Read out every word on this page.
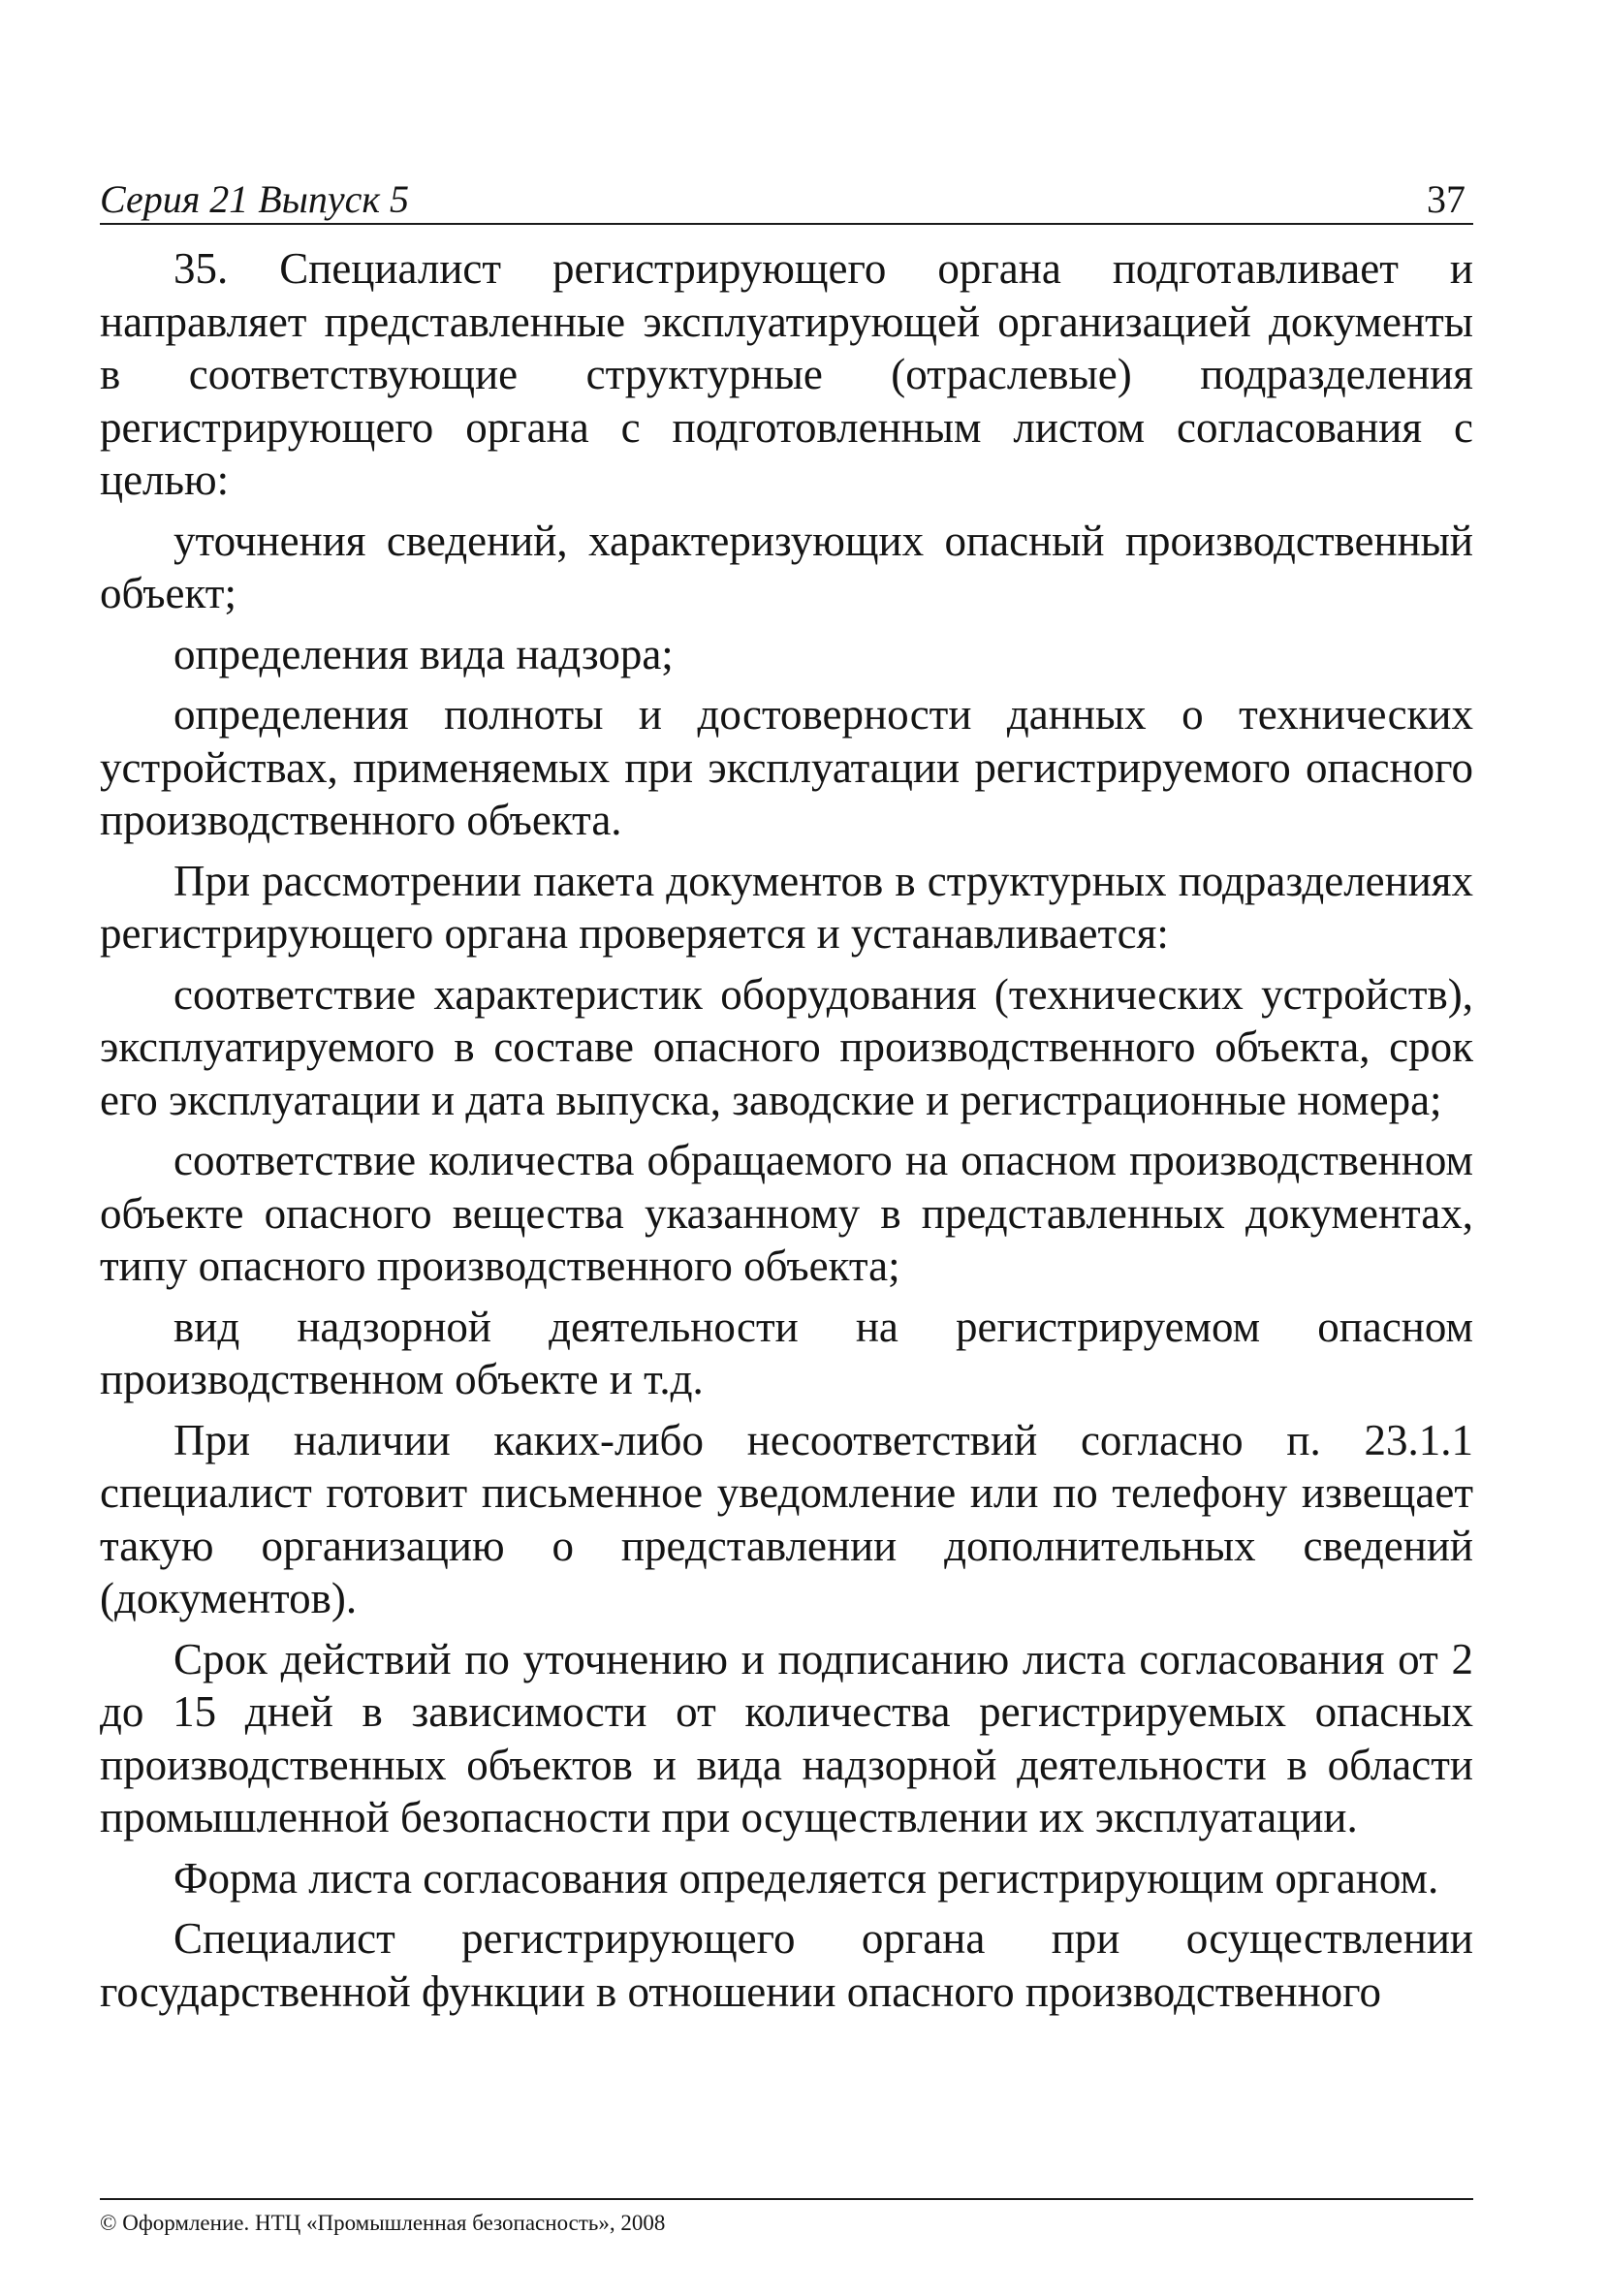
Серия 21 Выпуск 5	37

35. Специалист регистрирующего органа подготавливает и направляет представленные эксплуатирующей организацией документы в соответствующие структурные (отраслевые) подразделения регистрирующего органа с подготовленным листом согласования с целью:

уточнения сведений, характеризующих опасный производственный объект;

определения вида надзора;

определения полноты и достоверности данных о технических устройствах, применяемых при эксплуатации регистрируемого опасного производственного объекта.

При рассмотрении пакета документов в структурных подразделениях регистрирующего органа проверяется и устанавливается:

соответствие характеристик оборудования (технических устройств), эксплуатируемого в составе опасного производственного объекта, срок его эксплуатации и дата выпуска, заводские и регистрационные номера;

соответствие количества обращаемого на опасном производственном объекте опасного вещества указанному в представленных документах, типу опасного производственного объекта;

вид надзорной деятельности на регистрируемом опасном производственном объекте и т.д.

При наличии каких-либо несоответствий согласно п. 23.1.1 специалист готовит письменное уведомление или по телефону извещает такую организацию о представлении дополнительных сведений (документов).

Срок действий по уточнению и подписанию листа согласования от 2 до 15 дней в зависимости от количества регистрируемых опасных производственных объектов и вида надзорной деятельности в области промышленной безопасности при осуществлении их эксплуатации.

Форма листа согласования определяется регистрирующим органом.

Специалист регистрирующего органа при осуществлении государственной функции в отношении опасного производственного

© Оформление. НТЦ «Промышленная безопасность», 2008
